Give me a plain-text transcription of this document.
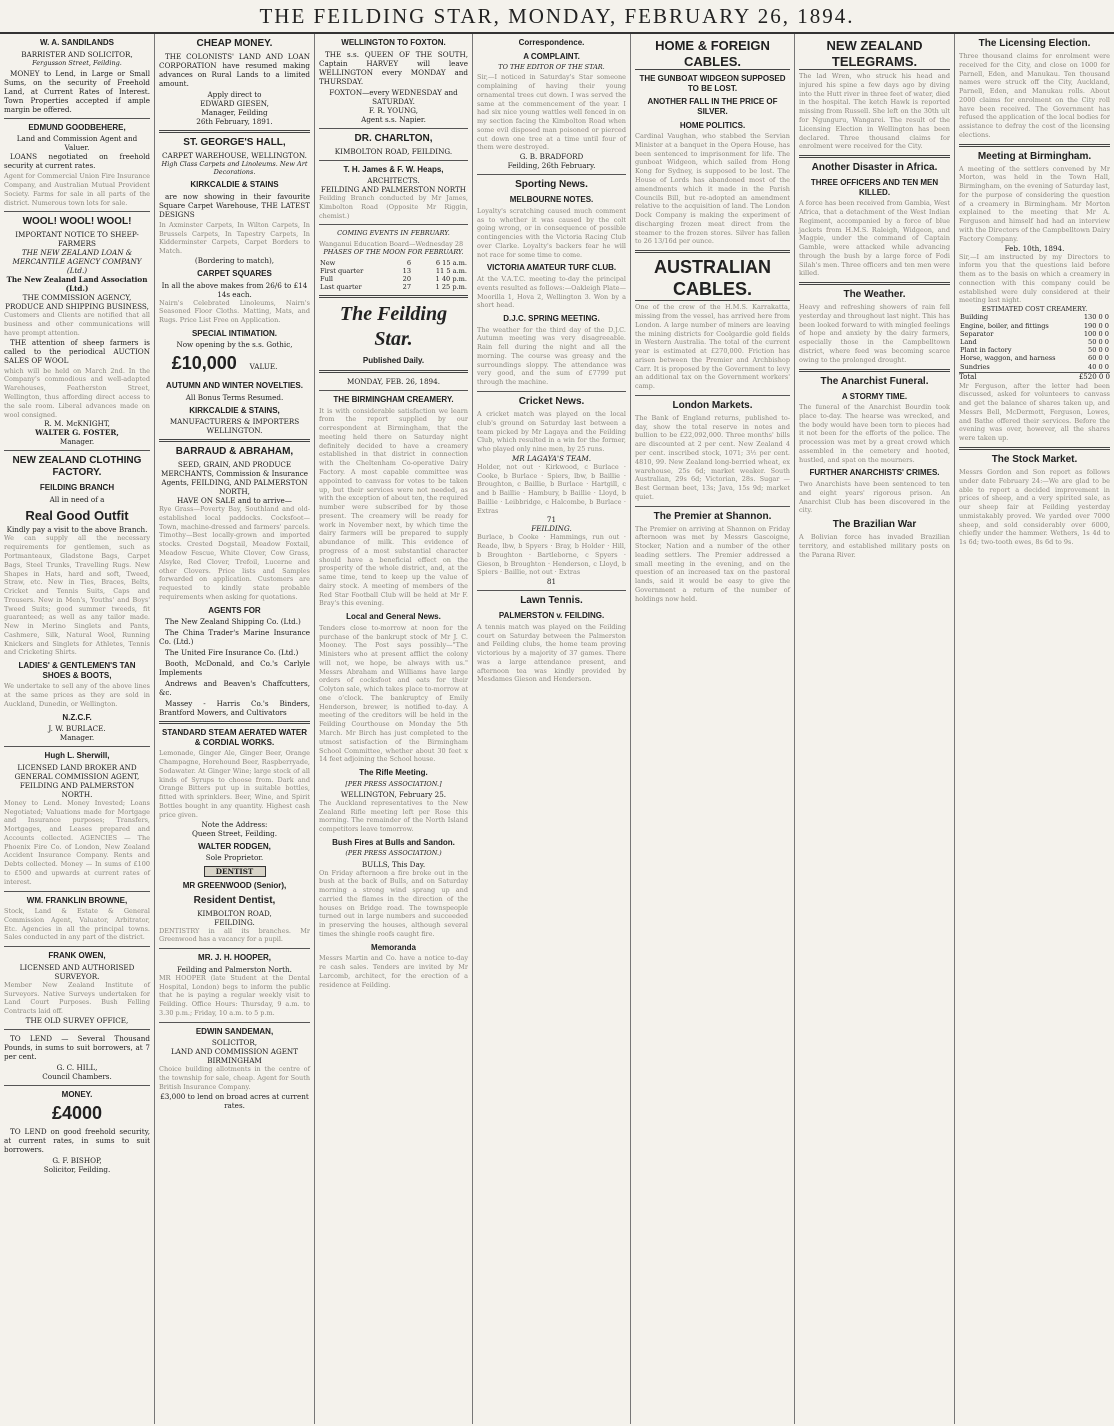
THE FEILDING STAR, MONDAY, FEBRUARY 26, 1894.
W. A. SANDILANDS
BARRISTER AND SOLICITOR,
Fergusson Street, Feilding.
MONEY to Lend, in Large or Small Sums, on the security of Freehold Land, at Current Rates of Interest. Town Properties accepted if ample margin be offered.
EDMUND GOODBEHERE,
Land and Commission Agent and Valuer.
LOANS negotiated on freehold security at current rates.
Agent for Commercial Union Fire Insurance Company, and Australian Mutual Provident Society. Farms for sale in all parts of the district. Numerous town lots for sale.
WOOL! WOOL! WOOL!
IMPORTANT NOTICE TO SHEEP-FARMERS
THE NEW ZEALAND LOAN & MERCANTILE AGENCY COMPANY (Ltd.)
The New Zealand Land Association (Ltd.)
THE COMMISSION AGENCY, PRODUCE AND SHIPPING BUSINESS,
Customers and Clients are notified that all business and other communications will have prompt attention.
THE attention of sheep farmers is called to the periodical AUCTION SALES OF WOOL
which will be held on March 2nd. In the Company's commodious and well-adapted Warehouses, Featherston Street, Wellington, thus affording direct access to the sale room. Liberal advances made on wool consigned.
R. M. McKNIGHT,
WALTER G. FOSTER,
Manager.
NEW ZEALAND CLOTHING FACTORY.
FEILDING BRANCH
All in need of a
Real Good Outfit
Kindly pay a visit to the above Branch.
We can supply all the necessary requirements for gentlemen, such as Portmanteaux, Gladstone Bags, Carpet Bags, Steel Trunks, Travelling Rugs. New Shapes in Hats, hard and soft, Tweed, Straw, etc. New in Ties, Braces, Belts, Cricket and Tennis Suits, Caps and Trousers. New in Men's, Youths' and Boys' Tweed Suits; good summer tweeds, fit guaranteed; as well as any tailor made. New in Merino Singlets and Pants, Cashmere, Silk, Natural Wool, Running Knickers and Singlets for Athletes, Tennis and Cricketing Shirts.
LADIES' & GENTLEMEN'S TAN SHOES & BOOTS,
We undertake to sell any of the above lines at the same prices as they are sold in Auckland, Dunedin, or Wellington.
N.Z.C.F.
J. W. BURLACE.
Manager.
Hugh L. Sherwill,
LICENSED LAND BROKER AND GENERAL COMMISSION AGENT, FEILDING AND PALMERSTON NORTH.
Money to Lend. Money Invested; Loans Negotiated; Valuations made for Mortgage and Insurance purposes; Transfers, Mortgages, and Leases prepared and Accounts collected. AGENCIES — The Phoenix Fire Co. of London, New Zealand Accident Insurance Company. Rents and Debts collected. Money — In sums of £100 to £500 and upwards at current rates of interest.
WM. FRANKLIN BROWNE,
Stock, Land & Estate & General Commission Agent, Valuator, Arbitrator, Etc. Agencies in all the principal towns. Sales conducted in any part of the district.
FRANK OWEN,
LICENSED AND AUTHORISED SURVEYOR.
Member New Zealand Institute of Surveyors. Native Surveys undertaken for Land Court Purposes. Bush Felling Contracts laid off.
THE OLD SURVEY OFFICE,
TO LEND — Several Thousand Pounds, in sums to suit borrowers, at 7 per cent.
G. C. HILL,
Council Chambers.
MONEY.
£4000
TO LEND on good freehold security, at current rates, in sums to suit borrowers.
G. F. BISHOP,
Solicitor, Feilding.
CHEAP MONEY.
THE COLONISTS' LAND AND LOAN CORPORATION have resumed making advances on Rural Lands to a limited amount.
Apply direct to
EDWARD GIESEN,
Manager, Feilding
26th February, 1891.
ST. GEORGE'S HALL,
CARPET WAREHOUSE, WELLINGTON.
High Class Carpets and Linoleums. New Art Decorations.
KIRKCALDIE & STAINS
are now showing in their favourite Square Carpet Warehouse, THE LATEST DESIGNS
In Axminster Carpets, In Wilton Carpets, In Brussels Carpets, In Tapestry Carpets, In Kidderminster Carpets, Carpet Borders to Match.
(Bordering to match),
CARPET SQUARES
In all the above makes from 26/6 to £14 14s each.
Nairn's Celebrated Linoleums, Nairn's Seasoned Floor Cloths. Matting, Mats, and Rugs. Price List Free on Application.
SPECIAL INTIMATION.
Now opening by the s.s. Gothic,
£10,000 VALUE.
AUTUMN AND WINTER NOVELTIES.
All Bonus Terms Resumed.
KIRKCALDIE & STAINS,
MANUFACTURERS & IMPORTERS WELLINGTON.
BARRAUD & ABRAHAM,
SEED, GRAIN, AND PRODUCE MERCHANTS, Commission & Insurance Agents, FEILDING, AND PALMERSTON NORTH,
HAVE ON SALE and to arrive—
Rye Grass—Poverty Bay, Southland and old-established local paddocks. Cocksfoot—Town, machine-dressed and farmers' parcels. Timothy—Best locally-grown and imported stocks. Crested Dogstail, Meadow Foxtail, Meadow Fescue, White Clover, Cow Grass, Alsyke, Red Clover, Trefoil, Lucerne and other Clovers. Price lists and Samples forwarded on application. Customers are requested to kindly state probable requirements when asking for quotations.
AGENTS FOR
The New Zealand Shipping Co. (Ltd.)
The China Trader's Marine Insurance Co. (Ltd.)
The United Fire Insurance Co. (Ltd.)
Booth, McDonald, and Co.'s Carlyle Implements
Andrews and Beaven's Chaffcutters, &c.
Massey - Harris Co.'s Binders, Brantford Mowers, and Cultivators
STANDARD STEAM AERATED WATER & CORDIAL WORKS.
Lemonade, Ginger Ale, Ginger Beer, Orange Champagne, Horehound Beer, Raspberryade, Sodawater. At Ginger Wine; large stock of all kinds of Syrups to choose from. Dark and Orange Bitters put up in suitable bottles, fitted with sprinklers. Beer, Wine, and Spirit Bottles bought in any quantity. Highest cash price given.
Note the Address:
Queen Street, Feilding.
WALTER RODGEN,
Sole Proprietor.
DENTIST
MR GREENWOOD (Senior),
Resident Dentist,
KIMBOLTON ROAD,
FEILDING.
DENTISTRY in all its branches. Mr Greenwood has a vacancy for a pupil.
MR. J. H. HOOPER,
Feilding and Palmerston North.
MR HOOPER (late Student at the Dental Hospital, London) begs to inform the public that he is paying a regular weekly visit to Feilding. Office Hours: Thursday, 9 a.m. to 3.30 p.m.; Friday, 10 a.m. to 5 p.m.
EDWIN SANDEMAN,
SOLICITOR,
LAND AND COMMISSION AGENT BIRMINGHAM
Choice building allotments in the centre of the township for sale, cheap. Agent for South British Insurance Company.
£3,000 to lend on broad acres at current rates.
WELLINGTON TO FOXTON.
THE s.s. QUEEN OF THE SOUTH, Captain HARVEY will leave WELLINGTON every MONDAY and THURSDAY.
FOXTON—every WEDNESDAY and SATURDAY.
F. R. YOUNG,
Agent s.s. Napier.
DR. CHARLTON,
KIMBOLTON ROAD, FEILDING.
T. H. James & F. W. Heaps,
ARCHITECTS.
FEILDING AND PALMERSTON NORTH
Feilding Branch conducted by Mr James, Kimbolton Road (Opposite Mr Riggin, chemist.)
COMING EVENTS IN FEBRUARY.
Wanganui Education Board—Wednesday 28
PHASES OF THE MOON FOR FEBRUARY.
New	6	6 15 a.m.
First quarter	13	11 5 a.m.
Full	20	1 40 p.m.
Last quarter	27	1 25 p.m.
The Feilding Star.
Published Daily.
MONDAY, FEB. 26, 1894.
THE BIRMINGHAM CREAMERY.
It is with considerable satisfaction we learn from the report supplied by our correspondent at Birmingham, that the meeting held there on Saturday night definitely decided to have a creamery established in that district in connection with the Cheltenham Co-operative Dairy Factory. A most capable committee was appointed to canvass for votes to be taken up, but their services were not needed, as with the exception of about ten, the required number were subscribed for by those present. The creamery will be ready for work in November next, by which time the dairy farmers will be prepared to supply abundance of milk. This evidence of progress of a most substantial character should have a beneficial effect on the prosperity of the whole district, and, at the same time, tend to keep up the value of dairy stock. A meeting of members of the Red Star Football Club will be held at Mr F. Bray's this evening.
Local and General News.
Tenders close to-morrow at noon for the purchase of the bankrupt stock of Mr J. C. Mooney. The Post says possibly—"The Ministers who at present afflict the colony will not, we hope, be always with us." Messrs Abraham and Williams have large orders of cocksfoot and oats for their Colyton sale, which takes place to-morrow at one o'clock. The bankruptcy of Emily Henderson, brewer, is notified to-day. A meeting of the creditors will be held in the Feilding Courthouse on Monday the 5th March. Mr Birch has just completed to the utmost satisfaction of the Birmingham School Committee, whether about 30 feet x 14 feet adjoining the School house.
The Rifle Meeting.
[PER PRESS ASSOCIATION.]
WELLINGTON, February 25.
The Auckland representatives to the New Zealand Rifle meeting left per Rose this morning. The remainder of the North Island competitors leave tomorrow.
Bush Fires at Bulls and Sandon.
(PER PRESS ASSOCIATION.)
BULLS, This Day.
On Friday afternoon a fire broke out in the bush at the back of Bulls, and on Saturday morning a strong wind sprang up and carried the flames in the direction of the houses on Bridge road. The townspeople turned out in large numbers and succeeded in preserving the houses, although several times the shingle roofs caught fire.
Memoranda
Messrs Martin and Co. have a notice to-day re cash sales. Tenders are invited by Mr Larcomb, architect, for the erection of a residence at Feilding.
Correspondence.
A COMPLAINT.
TO THE EDITOR OF THE STAR.
Sir,—I noticed in Saturday's Star someone complaining of having their young ornamental trees cut down. I was served the same at the commencement of the year. I had six nice young wattles well fenced in on my section facing the Kimbolton Road when some evil disposed man poisoned or pierced cut down one tree at a time until four of them were destroyed.
G. B. BRADFORD
Feilding, 26th February.
Sporting News.
MELBOURNE NOTES.
Loyalty's scratching caused much comment as to whether it was caused by the colt going wrong, or in consequence of possible contingencies with the Victoria Racing Club over Clarke. Loyalty's backers fear he will not race for some time to come.
VICTORIA AMATEUR TURF CLUB.
At the V.A.T.C. meeting to-day the principal events resulted as follows:—Oakleigh Plate—Moorilla 1, Hova 2, Wellington 3. Won by a short head.
D.J.C. SPRING MEETING.
The weather for the third day of the D.J.C. Autumn meeting was very disagreeable. Rain fell during the night and all the morning. The course was greasy and the surroundings sloppy. The attendance was very good, and the sum of £7799 put through the machine.
Cricket News.
A cricket match was played on the local club's ground on Saturday last between a team picked by Mr Lagaya and the Feilding Club, which resulted in a win for the former, who played only nine men, by 25 runs.
MR LAGAYA'S TEAM.
Holder, not out · Kirkwood, c Burlace · Cooke, b Burlace · Spiers, lbw, b Baillie · Broughton, c Baillie, b Burlace · Hartgill, c and b Baillie · Hambury, b Baillie · Lloyd, b Baillie · Leibbridge, c Halcombe, b Burlace · Extras
71
FEILDING.
Burlace, b Cooke · Hammings, run out · Reade, lbw, b Spyers · Bray, b Holder · Hill, b Broughton · Bartleborne, c Spyers · Gieson, b Broughton · Henderson, c Lloyd, b Spiers · Baillie, not out · Extras
81
Lawn Tennis.
PALMERSTON v. FEILDING.
A tennis match was played on the Feilding court on Saturday between the Palmerston and Feilding clubs, the home team proving victorious by a majority of 37 games. There was a large attendance present, and afternoon tea was kindly provided by Mesdames Gieson and Henderson.
HOME & FOREIGN CABLES.
THE GUNBOAT WIDGEON SUPPOSED TO BE LOST.
ANOTHER FALL IN THE PRICE OF SILVER.
HOME POLITICS.
Cardinal Vaughan, who stabbed the Servian Minister at a banquet in the Opera House, has been sentenced to imprisonment for life. The gunboat Widgeon, which sailed from Hong Kong for Sydney, is supposed to be lost. The House of Lords has abandoned most of the amendments which it made in the Parish Councils Bill, but re-adopted an amendment relative to the acquisition of land. The London Dock Company is making the experiment of discharging frozen meat direct from the steamer to the frozen stores. Silver has fallen to 26 13/16d per ounce.
AUSTRALIAN CABLES.
One of the crew of the H.M.S. Karrakatta, missing from the vessel, has arrived here from London. A large number of miners are leaving the mining districts for Coolgardie gold fields in Western Australia. The total of the current year is estimated at £270,000. Friction has arisen between the Premier and Archbishop Carr. It is proposed by the Government to levy an additional tax on the Government workers' camp.
London Markets.
The Bank of England returns, published to-day, show the total reserve in notes and bullion to be £22,092,000. Three months' bills are discounted at 2 per cent. New Zealand 4 per cent. inscribed stock, 1071; 3½ per cent. 4810, 99. New Zealand long-berried wheat, ex warehouse, 25s 6d; market weaker. South Australian, 29s 6d; Victorian, 28s. Sugar — Best German beet, 13s; Java, 15s 9d; market quiet.
The Premier at Shannon.
The Premier on arriving at Shannon on Friday afternoon was met by Messrs Gascoigne, Stocker, Nation and a number of the other leading settlers. The Premier addressed a small meeting in the evening, and on the question of an increased tax on the pastoral lands, said it would be easy to give the Government a return of the number of holdings now held.
NEW ZEALAND TELEGRAMS.
The lad Wren, who struck his head and injured his spine a few days ago by diving into the Hutt river in three feet of water, died in the hospital. The ketch Hawk is reported missing from Russell. She left on the 30th ult for Ngunguru, Wangarei. The result of the Licensing Election in Wellington has been declared. Three thousand claims for enrolment were received for the City.
Another Disaster in Africa.
THREE OFFICERS AND TEN MEN KILLED.
A force has been received from Gambia, West Africa, that a detachment of the West Indian Regiment, accompanied by a force of blue jackets from H.M.S. Raleigh, Widgeon, and Magpie, under the command of Captain Gamble, were attacked while advancing through the bush by a large force of Fodi Silah's men. Three officers and ten men were killed.
The Weather.
Heavy and refreshing showers of rain fell yesterday and throughout last night. This has been looked forward to with mingled feelings of hope and anxiety by the dairy farmers, especially those in the Campbelltown district, where feed was becoming scarce owing to the prolonged drought.
The Anarchist Funeral.
A STORMY TIME.
The funeral of the Anarchist Bourdin took place to-day. The hearse was wrecked, and the body would have been torn to pieces had it not been for the efforts of the police. The procession was met by a great crowd which assembled in the cemetery and hooted, hustled, and spat on the mourners.
FURTHER ANARCHISTS' CRIMES.
Two Anarchists have been sentenced to ten and eight years' rigorous prison. An Anarchist Club has been discovered in the city.
The Brazilian War
A Bolivian force has invaded Brazilian territory, and established military posts on the Parana River.
The Licensing Election.
Three thousand claims for enrolment were received for the City, and close on 1000 for Parnell, Eden, and Manukau. Ten thousand names were struck off the City, Auckland, Parnell, Eden, and Manukau rolls. About 2000 claims for enrolment on the City roll have been received. The Government has refused the application of the local bodies for assistance to defray the cost of the licensing elections.
Meeting at Birmingham.
A meeting of the settlers convened by Mr Morton, was held in the Town Hall, Birmingham, on the evening of Saturday last, for the purpose of considering the question of a creamery in Birmingham. Mr Morton explained to the meeting that Mr A. Ferguson and himself had had an interview with the Directors of the Campbelltown Dairy Factory Company.
Feb. 10th, 1894.
Sir,—I am instructed by my Directors to inform you that the questions laid before them as to the basis on which a creamery in connection with this company could be established were duly considered at their meeting last night.
ESTIMATED COST CREAMERY.
Building	130 0 0
Engine, boiler, and fittings	190 0 0
Separator	100 0 0
Land	50 0 0
Plant in factory	50 0 0
Horse, waggon, and harness	60 0 0
Sundries	40 0 0
Total	£520 0 0
Mr Ferguson, after the letter had been discussed, asked for volunteers to canvass and get the balance of shares taken up, and Messrs Bell, McDermott, Ferguson, Lowes, and Bathe offered their services. Before the evening was over, however, all the shares were taken up.
The Stock Market.
Messrs Gordon and Son report as follows under date February 24:—We are glad to be able to report a decided improvement in prices of sheep, and a very spirited sale, as our sheep fair at Feilding yesterday unmistakably proved. We yarded over 7000 sheep, and sold considerably over 6000, chiefly under the hammer. Wethers, 1s 4d to 1s 6d; two-tooth ewes, 8s 6d to 9s.
